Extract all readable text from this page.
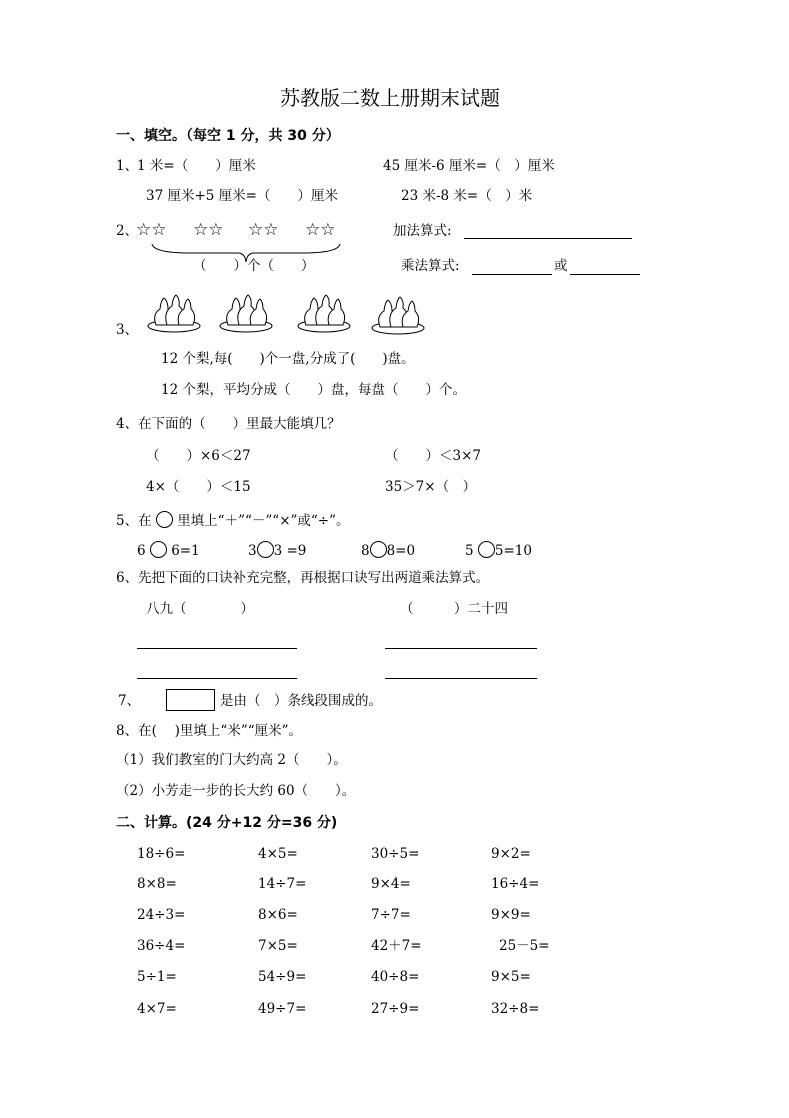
苏教版二数上册期末试题
一、填空。（每空 1 分，共 30 分）
1、
1 米=（　　）厘米	45 厘米-6 厘米=（　）厘米
37 厘米+5 厘米=（　　）厘米	23 米-8 米=（　）米
2、
☆☆ ☆☆ ☆☆ ☆☆
（　　）个（　　）
加法算式:
乘法算式:	或
3、
12 个梨,每(　　)个一盘,分成了(　　)盘。
12 个梨，平均分成（　　）盘，每盘（　　）个。
4、在下面的（　　）里最大能填几？
（　　）×6＜27	（　　）＜3×7
4×（　　）＜15	35＞7×（　）
5、在 里填上“＋”“－”“×”或“÷”。
6 6=1	3 3 =9	8 8=0	5 5=10
6、先把下面的口诀补充完整，再根据口诀写出两道乘法算式。
八九（　　　　）	（　　　）二十四
7、	是由（　）条线段围成的。
8、在(　 )里填上“米”“厘米”。
（1）我们教室的门大约高 2（　　）。
（2）小芳走一步的长大约 60（　　）。
二、计算。(24 分+12 分=36 分)
18÷6=	4×5=	30÷5=	9×2=
8×8=	14÷7=	9×4=	16÷4=
24÷3=	8×6=	7÷7=	9×9=
36÷4=	7×5=	42＋7=	25－5=
5÷1=	54÷9=	40÷8=	9×5=
4×7=	49÷7=	27÷9=	32÷8=
